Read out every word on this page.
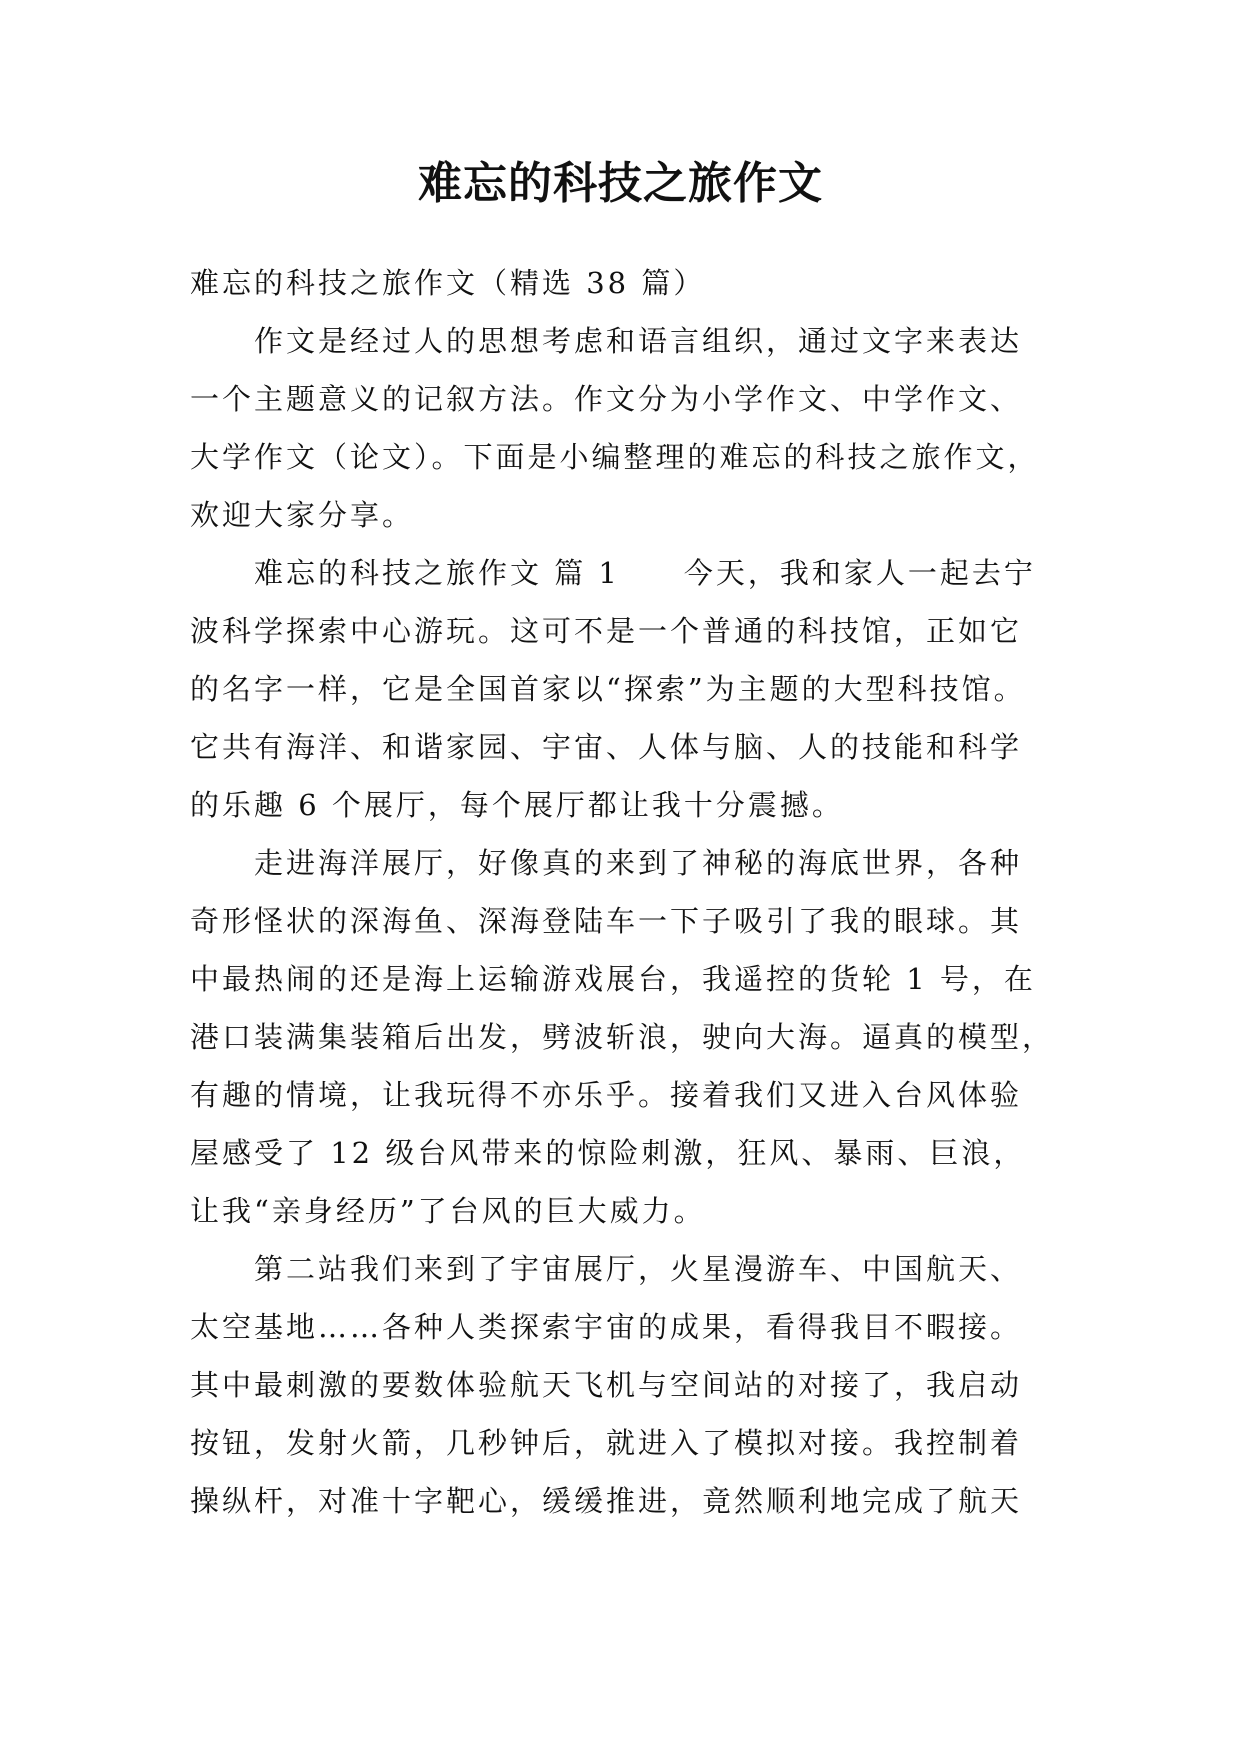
难忘的科技之旅作文
难忘的科技之旅作文（精选 38 篇）
　　作文是经过人的思想考虑和语言组织，通过文字来表达
一个主题意义的记叙方法。作文分为小学作文、中学作文、
大学作文（论文）。下面是小编整理的难忘的科技之旅作文，
欢迎大家分享。
　　难忘的科技之旅作文 篇 1　　今天，我和家人一起去宁
波科学探索中心游玩。这可不是一个普通的科技馆，正如它
的名字一样，它是全国首家以“探索”为主题的大型科技馆。
它共有海洋、和谐家园、宇宙、人体与脑、人的技能和科学
的乐趣 6 个展厅，每个展厅都让我十分震撼。
　　走进海洋展厅，好像真的来到了神秘的海底世界，各种
奇形怪状的深海鱼、深海登陆车一下子吸引了我的眼球。其
中最热闹的还是海上运输游戏展台，我遥控的货轮 1 号，在
港口装满集装箱后出发，劈波斩浪，驶向大海。逼真的模型，
有趣的情境，让我玩得不亦乐乎。接着我们又进入台风体验
屋感受了 12 级台风带来的惊险刺激，狂风、暴雨、巨浪，
让我“亲身经历”了台风的巨大威力。
　　第二站我们来到了宇宙展厅，火星漫游车、中国航天、
太空基地……各种人类探索宇宙的成果，看得我目不暇接。
其中最刺激的要数体验航天飞机与空间站的对接了，我启动
按钮，发射火箭，几秒钟后，就进入了模拟对接。我控制着
操纵杆，对准十字靶心，缓缓推进，竟然顺利地完成了航天
